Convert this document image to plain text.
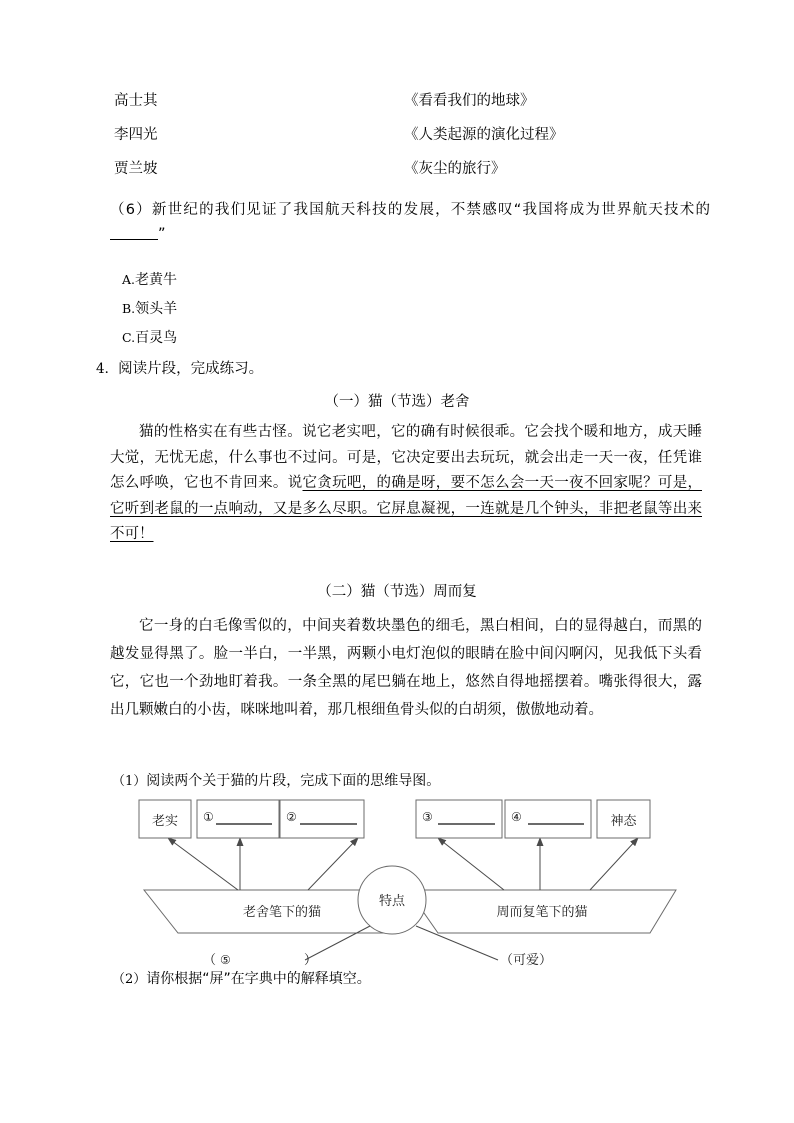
高士其	《看看我们的地球》
李四光	《人类起源的演化过程》
贾兰坡	《灰尘的旅行》
（6）新世纪的我们见证了我国航天科技的发展，不禁感叹“我国将成为世界航天技术的 ”
A.老黄牛
B.领头羊
C.百灵鸟
4．阅读片段，完成练习。
（一）猫（节选）老舍
猫的性格实在有些古怪。说它老实吧，它的确有时候很乖。它会找个暖和地方，成天睡大觉，无忧无虑，什么事也不过问。可是，它决定要出去玩玩，就会出走一天一夜，任凭谁怎么呼唤，它也不肯回来。说它贪玩吧，的确是呀，要不怎么会一天一夜不回家呢？可是，它听到老鼠的一点响动，又是多么尽职。它屏息凝视，一连就是几个钟头，非把老鼠等出来不可！
（二）猫（节选）周而复
它一身的白毛像雪似的，中间夹着数块墨色的细毛，黑白相间，白的显得越白，而黑的越发显得黑了。脸一半白，一半黑，两颗小电灯泡似的眼睛在脸中间闪啊闪，见我低下头看它，它也一个劲地盯着我。一条全黑的尾巴躺在地上，悠然自得地摇摆着。嘴张得很大，露出几颗嫩白的小齿，咪咪地叫着，那几根细鱼骨头似的白胡须，傲傲地动着。
（1）阅读两个关于猫的片段，完成下面的思维导图。
（2）请你根据“屏”在字典中的解释填空。
老舍笔下的猫	周而复笔下的猫
特点
老实 ①	②	③	④	神态
（ ⑤	）	（可爱）
